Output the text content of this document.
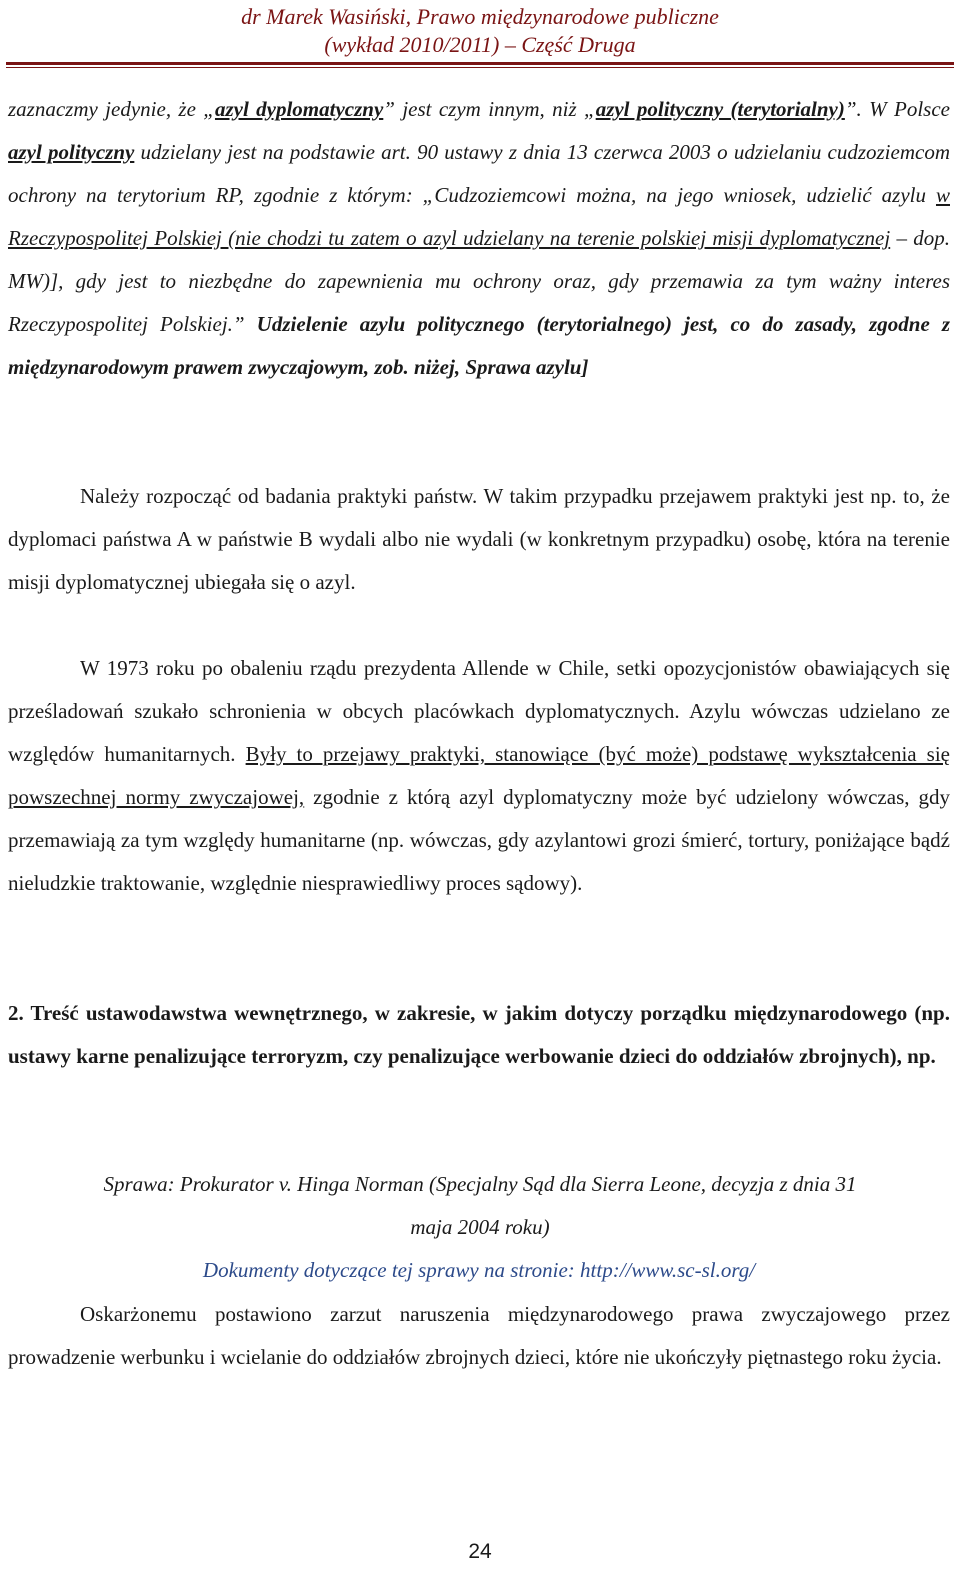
dr Marek Wasiński, Prawo międzynarodowe publiczne
(wykład 2010/2011) – Część Druga
zaznaczmy jedynie, że „azyl dyplomatyczny” jest czym innym, niż „azyl polityczny (terytorialny)”. W Polsce azyl polityczny udzielany jest na podstawie art. 90 ustawy z dnia 13 czerwca 2003 o udzielaniu cudzoziemcom ochrony na terytorium RP, zgodnie z którym: „Cudzoziemcowi można, na jego wniosek, udzielić azylu w Rzeczypospolitej Polskiej (nie chodzi tu zatem o azyl udzielany na terenie polskiej misji dyplomatycznej – dop. MW)], gdy jest to niezbędne do zapewnienia mu ochrony oraz, gdy przemawia za tym ważny interes Rzeczypospolitej Polskiej.” Udzielenie azylu politycznego (terytorialnego) jest, co do zasady, zgodne z międzynarodowym prawem zwyczajowym, zob. niżej, Sprawa azylu]
Należy rozpocząć od badania praktyki państw. W takim przypadku przejawem praktyki jest np. to, że dyplomaci państwa A w państwie B wydali albo nie wydali (w konkretnym przypadku) osobę, która na terenie misji dyplomatycznej ubiegała się o azyl.
W 1973 roku po obaleniu rządu prezydenta Allende w Chile, setki opozycjonistów obawiających się prześladowań szukało schronienia w obcych placówkach dyplomatycznych. Azylu wówczas udzielano ze względów humanitarnych. Były to przejawy praktyki, stanowiące (być może) podstawę wykształcenia się powszechnej normy zwyczajowej, zgodnie z którą azyl dyplomatyczny może być udzielony wówczas, gdy przemawiają za tym względy humanitarne (np. wówczas, gdy azylantowi grozi śmierć, tortury, poniżające bądź nieludzkie traktowanie, względnie niesprawiedliwy proces sądowy).
2. Treść ustawodawstwa wewnętrznego, w zakresie, w jakim dotyczy porządku międzynarodowego (np. ustawy karne penalizujące terroryzm, czy penalizujące werbowanie dzieci do oddziałów zbrojnych), np.
Sprawa: Prokurator v. Hinga Norman (Specjalny Sąd dla Sierra Leone, decyzja z dnia 31 maja 2004 roku)
Dokumenty dotyczące tej sprawy na stronie: http://www.sc-sl.org/
Oskarżonemu postawiono zarzut naruszenia międzynarodowego prawa zwyczajowego przez prowadzenie werbunku i wcielanie do oddziałów zbrojnych dzieci, które nie ukończyły piętnastego roku życia.
24
